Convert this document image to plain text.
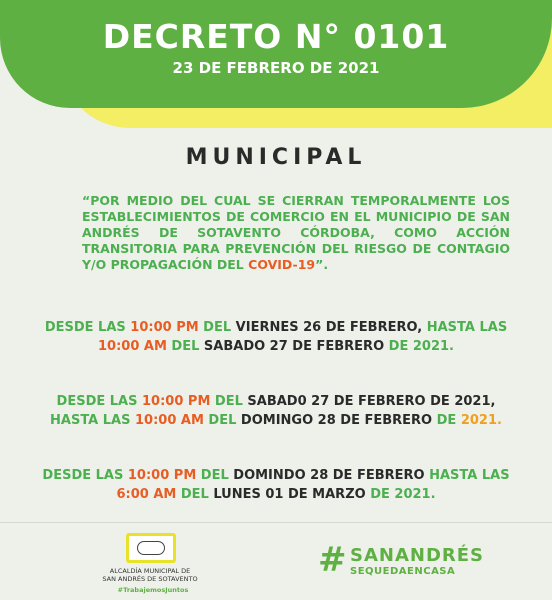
DECRETO N° 0101
23 DE FEBRERO DE 2021
MUNICIPAL
“POR MEDIO DEL CUAL SE CIERRAN TEMPORALMENTE LOS ESTABLECIMIENTOS DE COMERCIO EN EL MUNICIPIO DE SAN ANDRÉS DE SOTAVENTO CÓRDOBA, COMO ACCIÓN TRANSITORIA PARA PREVENCIÓN DEL RIESGO DE CONTAGIO Y/O PROPAGACIÓN DEL COVID-19”.
DESDE LAS 10:00 PM DEL VIERNES 26 DE FEBRERO, HASTA LAS 10:00 AM DEL SABADO 27 DE FEBRERO DE 2021.
DESDE LAS 10:00 PM DEL SABAD0 27 DE FEBRERO DE 2021, HASTA LAS 10:00 AM DEL DOMINGO 28 DE FEBRERO DE 2021.
DESDE LAS 10:00 PM DEL DOMINDO 28 DE FEBRERO HASTA LAS 6:00 AM DEL LUNES 01 DE MARZO DE 2021.
ALCALDÍA MUNICIPAL DE
SAN ANDRÉS DE SOTAVENTO
#TrabajemosJuntos
# SANANDRÉS
SEQUEDAENCASA
